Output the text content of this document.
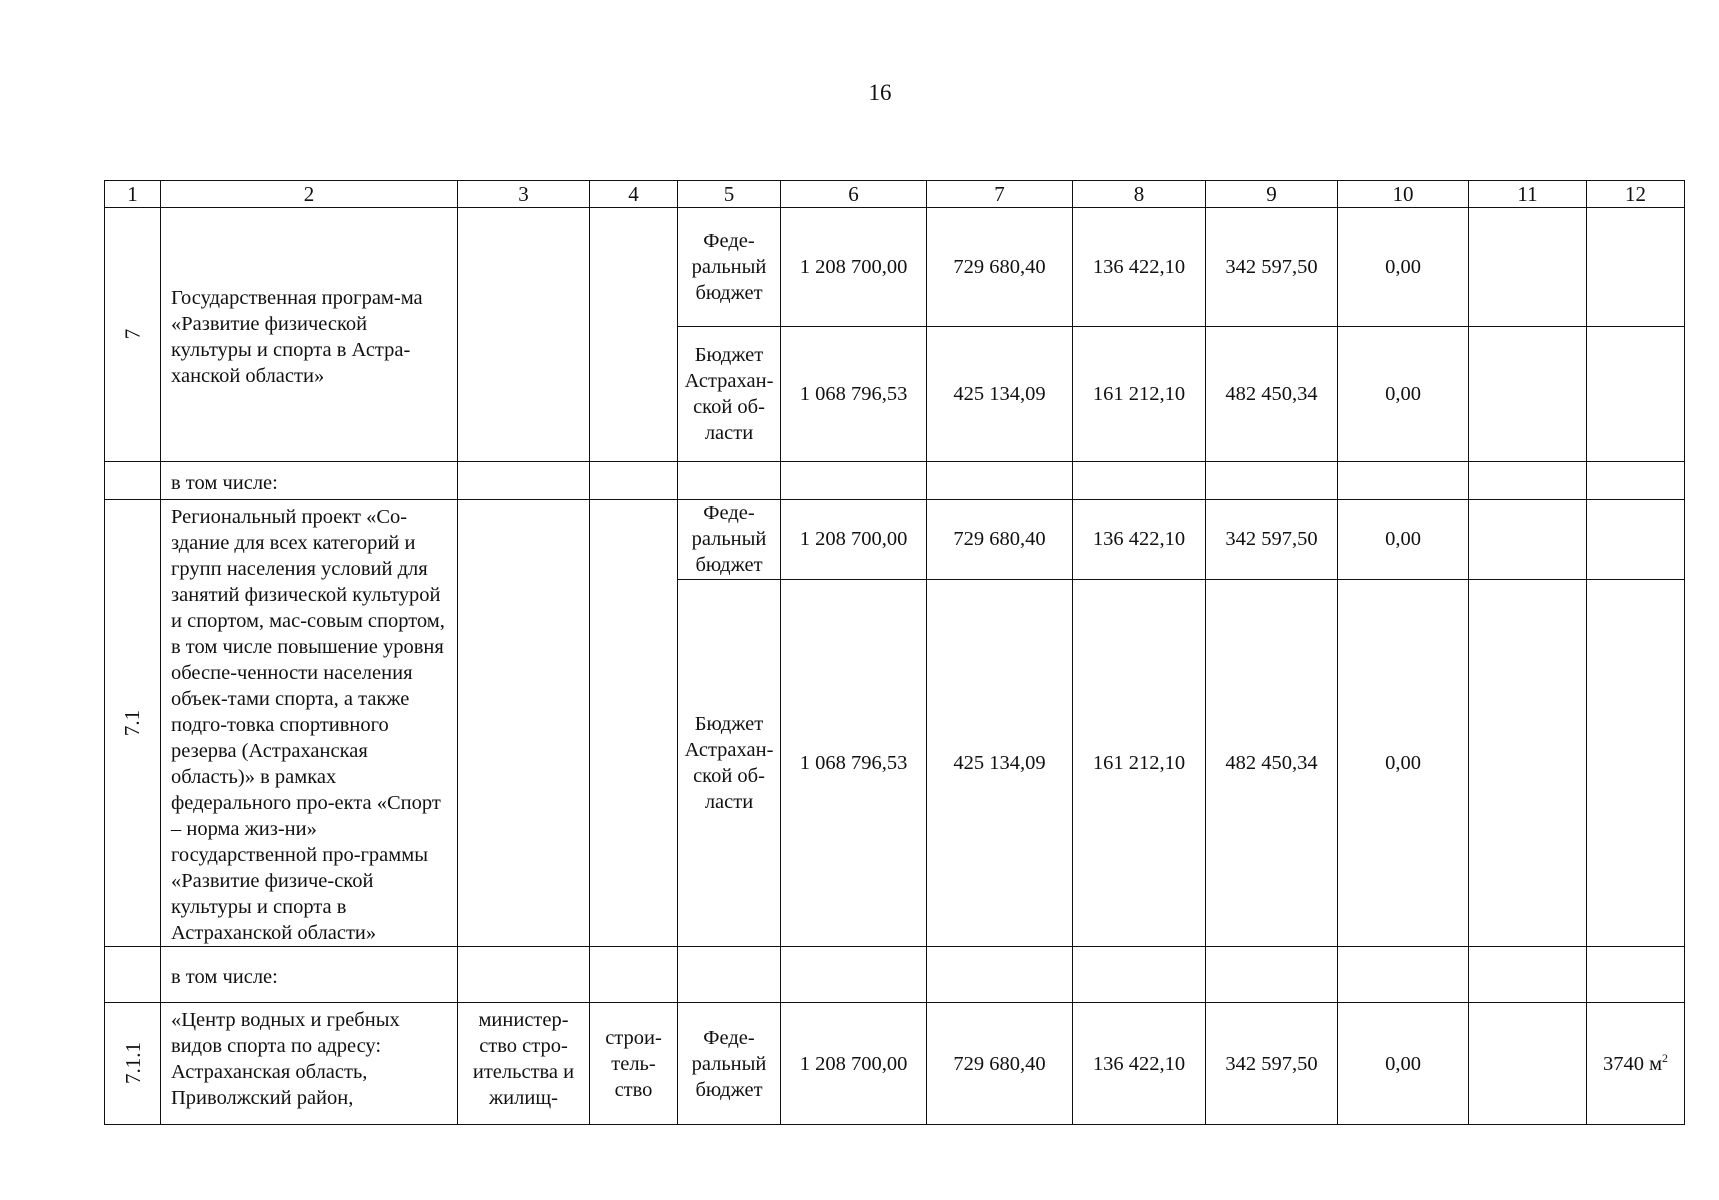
16
1	2	3	4	5	6	7	8	9	10	11	12
7	Государственная програм-ма «Развитие физической культуры и спорта в Астра-ханской области»			Феде-ральный бюджет	1 208 700,00	729 680,40	136 422,10	342 597,50	0,00		
				Бюджет Астрахан-ской об-ласти	1 068 796,53	425 134,09	161 212,10	482 450,34	0,00		
	в том числе:										
7.1	Региональный проект «Со-здание для всех категорий и групп населения условий для занятий физической культурой и спортом, мас-совым спортом, в том числе повышение уровня обеспе-ченности населения объек-тами спорта, а также подго-товка спортивного резерва (Астраханская область)» в рамках федерального про-екта «Спорт – норма жиз-ни» государственной про-граммы «Развитие физиче-ской культуры и спорта в Астраханской области»			Феде-ральный бюджет	1 208 700,00	729 680,40	136 422,10	342 597,50	0,00		
				Бюджет Астрахан-ской об-ласти	1 068 796,53	425 134,09	161 212,10	482 450,34	0,00		
	в том числе:										
7.1.1	«Центр водных и гребных видов спорта по адресу: Астраханская область, Приволжский район,	министер-ство стро-ительства и жилищ-	строи-тель-ство	Феде-ральный бюджет	1 208 700,00	729 680,40	136 422,10	342 597,50	0,00		3740 $м^2$
